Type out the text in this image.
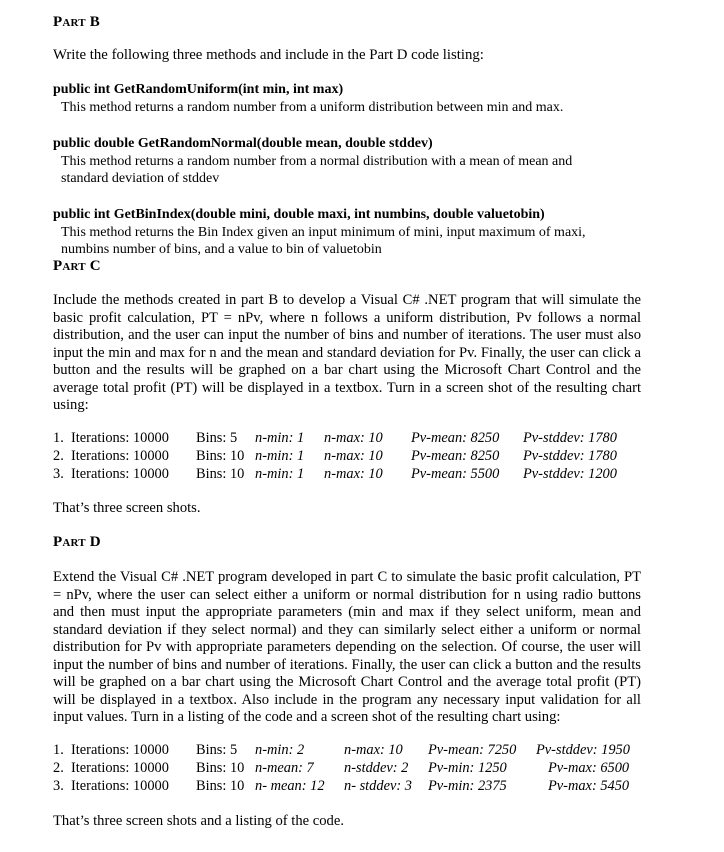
Part B
Write the following three methods and include in the Part D code listing:
public int GetRandomUniform(int min, int max)
This method returns a random number from a uniform distribution between min and max.
public double GetRandomNormal(double mean, double stddev)
This method returns a random number from a normal distribution with a mean of mean and standard deviation of stddev
public int GetBinIndex(double mini, double maxi, int numbins, double valuetobin)
This method returns the Bin Index given an input minimum of mini, input maximum of maxi, numbins number of bins, and a value to bin of valuetobin
Part C
Include the methods created in part B to develop a Visual C# .NET program that will simulate the basic profit calculation, PT = nPv, where n follows a uniform distribution, Pv follows a normal distribution, and the user can input the number of bins and number of iterations. The user must also input the min and max for n and the mean and standard deviation for Pv. Finally, the user can click a button and the results will be graphed on a bar chart using the Microsoft Chart Control and the average total profit (PT) will be displayed in a textbox. Turn in a screen shot of the resulting chart using:
1. Iterations: 10000 Bins: 5 n-min: 1 n-max: 10 Pv-mean: 8250 Pv-stddev: 1780
2. Iterations: 10000 Bins: 10 n-min: 1 n-max: 10 Pv-mean: 8250 Pv-stddev: 1780
3. Iterations: 10000 Bins: 10 n-min: 1 n-max: 10 Pv-mean: 5500 Pv-stddev: 1200
That’s three screen shots.
Part D
Extend the Visual C# .NET program developed in part C to simulate the basic profit calculation, PT = nPv, where the user can select either a uniform or normal distribution for n using radio buttons and then must input the appropriate parameters (min and max if they select uniform, mean and standard deviation if they select normal) and they can similarly select either a uniform or normal distribution for Pv with appropriate parameters depending on the selection. Of course, the user will input the number of bins and number of iterations. Finally, the user can click a button and the results will be graphed on a bar chart using the Microsoft Chart Control and the average total profit (PT) will be displayed in a textbox. Also include in the program any necessary input validation for all input values. Turn in a listing of the code and a screen shot of the resulting chart using:
1. Iterations: 10000 Bins: 5 n-min: 2	n-max: 10 Pv-mean: 7250 Pv-stddev: 1950
2. Iterations: 10000 Bins: 10 n-mean: 7 n-stddev: 2 Pv-min: 1250	Pv-max: 6500
3. Iterations: 10000 Bins: 10 n- mean: 12 n- stddev: 3 Pv-min: 2375	Pv-max: 5450
That’s three screen shots and a listing of the code.
